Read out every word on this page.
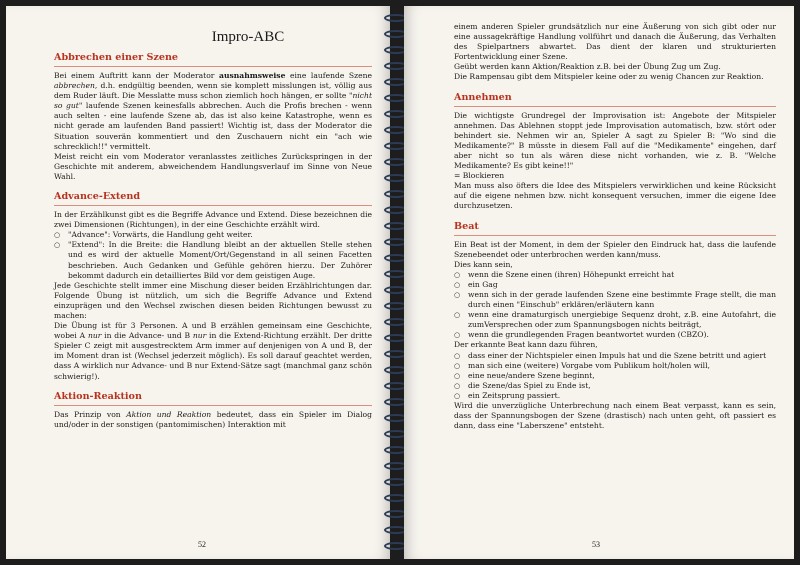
Impro-ABC
Abbrechen einer Szene

Bei einem Auftritt kann der Moderator ausnahmsweise eine laufende Szene abbrechen, d.h. endgültig beenden, wenn sie komplett misslungen ist, völlig aus dem Ruder läuft. Die Messlatte muss schon ziemlich hoch hängen, er sollte "nicht so gut" laufende Szenen keinesfalls abbrechen. Auch die Profis brechen - wenn auch selten - eine laufende Szene ab, das ist also keine Katastrophe, wenn es nicht gerade am laufenden Band passiert! Wichtig ist, dass der Moderator die Situation souverän kommentiert und den Zuschauern nicht ein "ach wie schrecklich!!" vermittelt.

Meist reicht ein vom Moderator veranlasstes zeitliches Zurückspringen in der Geschichte mit anderem, abweichendem Handlungsverlauf im Sinne von Neue Wahl.

Advance-Extend

In der Erzählkunst gibt es die Begriffe Advance und Extend. Diese bezeichnen die zwei Dimensionen (Richtungen), in der eine Geschichte erzählt wird.

○ "Advance": Vorwärts, die Handlung geht weiter.
○ "Extend": In die Breite: die Handlung bleibt an der aktuellen Stelle stehen und es wird der aktuelle Moment/Ort/Gegenstand in all seinen Facetten beschrieben. Auch Gedanken und Gefühle gehören hierzu. Der Zuhörer bekommt dadurch ein detailliertes Bild vor dem geistigen Auge.

Jede Geschichte stellt immer eine Mischung dieser beiden Erzählrichtungen dar. Folgende Übung ist nützlich, um sich die Begriffe Advance und Extend einzuprägen und den Wechsel zwischen diesen beiden Richtungen bewusst zu machen:

Die Übung ist für 3 Personen. A und B erzählen gemeinsam eine Geschichte, wobei A nur in die Advance- und B nur in die Extend-Richtung erzählt. Der dritte Spieler C zeigt mit ausgestrecktem Arm immer auf denjenigen von A und B, der im Moment dran ist (Wechsel jederzeit möglich). Es soll darauf geachtet werden, dass A wirklich nur Advance- und B nur Extend-Sätze sagt (manchmal ganz schön schwierig!).

Aktion-Reaktion

Das Prinzip von Aktion und Reaktion bedeutet, dass ein Spieler im Dialog und/oder in der sonstigen (pantomimischen) Interaktion mit

52

einem anderen Spieler grundsätzlich nur eine Äußerung von sich gibt oder nur eine aussagekräftige Handlung vollführt und danach die Äußerung, das Verhalten des Spielpartners abwartet. Das dient der klaren und strukturierten Fortentwicklung einer Szene.

Geübt werden kann Aktion/Reaktion z.B. bei der Übung Zug um Zug.

Die Rampensau gibt dem Mitspieler keine oder zu wenig Chancen zur Reaktion.

Annehmen

Die wichtigste Grundregel der Improvisation ist: Angebote der Mitspieler annehmen. Das Ablehnen stoppt jede Improvisation automatisch, bzw. stört oder behindert sie. Nehmen wir an, Spieler A sagt zu Spieler B: "Wo sind die Medikamente?" B müsste in diesem Fall auf die "Medikamente" eingehen, darf aber nicht so tun als wären diese nicht vorhanden, wie z. B. "Welche Medikamente? Es gibt keine!!"

= Blockieren

Man muss also öfters die Idee des Mitspielers verwirklichen und keine Rücksicht auf die eigene nehmen bzw. nicht konsequent versuchen, immer die eigene Idee durchzusetzen.

Beat

Ein Beat ist der Moment, in dem der Spieler den Eindruck hat, dass die laufende Szenebeendet oder unterbrochen werden kann/muss.

Dies kann sein,

○ wenn die Szene einen (ihren) Höhepunkt erreicht hat
○ ein Gag
○ wenn sich in der gerade laufenden Szene eine bestimmte Frage stellt, die man durch einen "Einschub" erklären/erläutern kann
○ wenn eine dramaturgisch unergiebige Sequenz droht, z.B. eine Autofahrt, die zumVersprechen oder zum Spannungsbogen nichts beiträgt,
○ wenn die grundlegenden Fragen beantwortet wurden (CBZO).

Der erkannte Beat kann dazu führen,

○ dass einer der Nichtspieler einen Impuls hat und die Szene betritt und agiert
○ man sich eine (weitere) Vorgabe vom Publikum holt/holen will,
○ eine neue/andere Szene beginnt,
○ die Szene/das Spiel zu Ende ist,
○ ein Zeitsprung passiert.

Wird die unverzügliche Unterbrechung nach einem Beat verpasst, kann es sein, dass der Spannungsbogen der Szene (drastisch) nach unten geht, oft passiert es dann, dass eine "Laberszene" entsteht.

53
